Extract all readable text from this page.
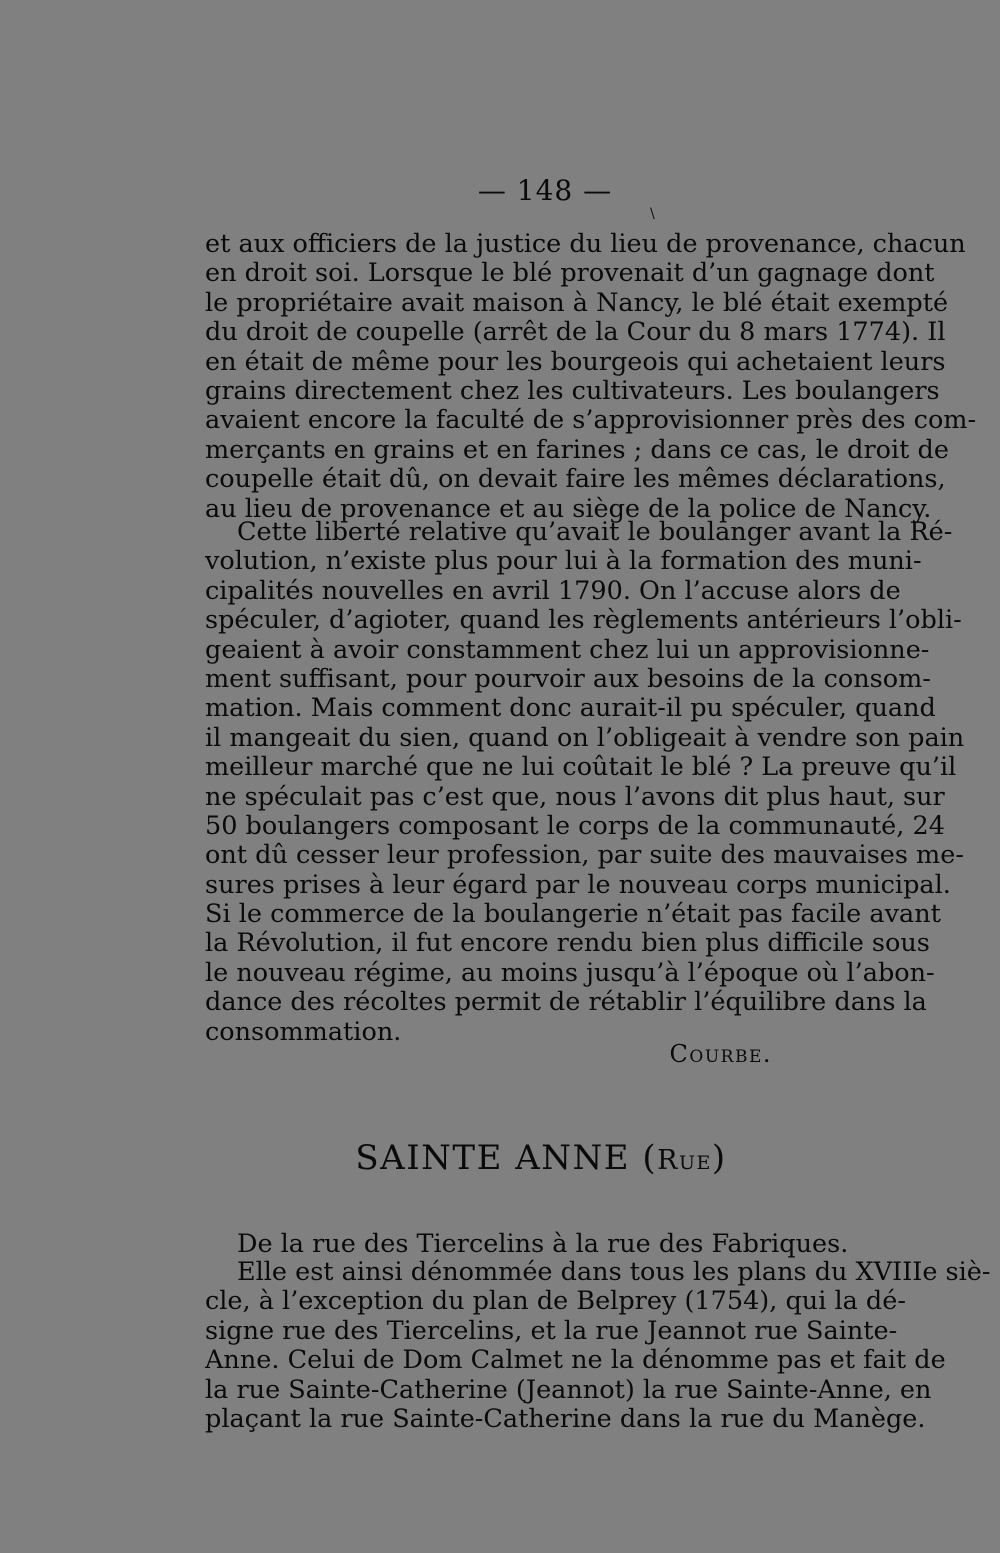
— 148 —
\
et aux officiers de la justice du lieu de provenance, chacun
en droit soi. Lorsque le blé provenait d’un gagnage dont
le propriétaire avait maison à Nancy, le blé était exempté
du droit de coupelle (arrêt de la Cour du 8 mars 1774). Il
en était de même pour les bourgeois qui achetaient leurs
grains directement chez les cultivateurs. Les boulangers
avaient encore la faculté de s’approvisionner près des com-
merçants en grains et en farines ; dans ce cas, le droit de
coupelle était dû, on devait faire les mêmes déclarations,
au lieu de provenance et au siège de la police de Nancy.
Cette liberté relative qu’avait le boulanger avant la Ré-
volution, n’existe plus pour lui à la formation des muni-
cipalités nouvelles en avril 1790. On l’accuse alors de
spéculer, d’agioter, quand les règlements antérieurs l’obli-
geaient à avoir constamment chez lui un approvisionne-
ment suffisant, pour pourvoir aux besoins de la consom-
mation. Mais comment donc aurait-il pu spéculer, quand
il mangeait du sien, quand on l’obligeait à vendre son pain
meilleur marché que ne lui coûtait le blé ? La preuve qu’il
ne spéculait pas c’est que, nous l’avons dit plus haut, sur
50 boulangers composant le corps de la communauté, 24
ont dû cesser leur profession, par suite des mauvaises me-
sures prises à leur égard par le nouveau corps municipal.
Si le commerce de la boulangerie n’était pas facile avant
la Révolution, il fut encore rendu bien plus difficile sous
le nouveau régime, au moins jusqu’à l’époque où l’abon-
dance des récoltes permit de rétablir l’équilibre dans la
consommation.
Courbe.
SAINTE ANNE (Rue)
De la rue des Tiercelins à la rue des Fabriques.
Elle est ainsi dénommée dans tous les plans du XVIIIe siè-
cle, à l’exception du plan de Belprey (1754), qui la dé-
signe rue des Tiercelins, et la rue Jeannot rue Sainte-
Anne. Celui de Dom Calmet ne la dénomme pas et fait de
la rue Sainte-Catherine (Jeannot) la rue Sainte-Anne, en
plaçant la rue Sainte-Catherine dans la rue du Manège.
